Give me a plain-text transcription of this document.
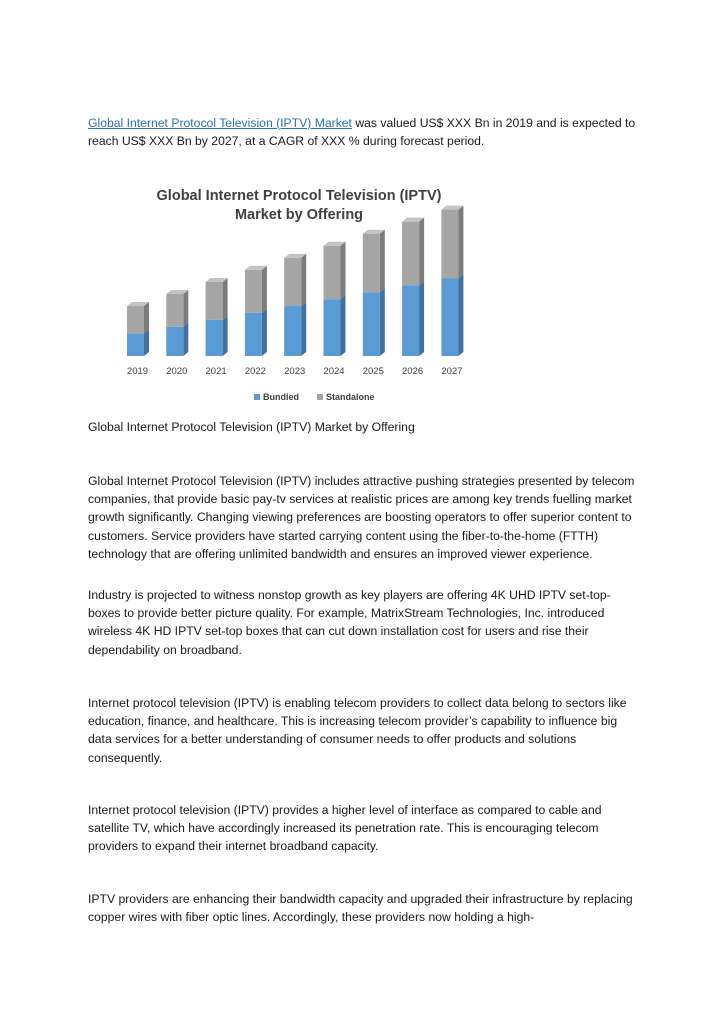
Global Internet Protocol Television (IPTV) Market was valued US$ XXX Bn in 2019 and is expected to reach US$ XXX Bn by 2027, at a CAGR of XXX % during forecast period.

2019 2020 2021 2022 2023 2024 2025 2026 2027
Bundled	Standalone
Global Internet Protocol Television (IPTV)
Market by Offering

Global Internet Protocol Television (IPTV) Market by Offering

Global Internet Protocol Television (IPTV) includes attractive pushing strategies presented by telecom companies, that provide basic pay-tv services at realistic prices are among key trends fuelling market growth significantly. Changing viewing preferences are boosting operators to offer superior content to customers. Service providers have started carrying content using the fiber-to-the-home (FTTH) technology that are offering unlimited bandwidth and ensures an improved viewer experience.

Industry is projected to witness nonstop growth as key players are offering 4K UHD IPTV set-top-boxes to provide better picture quality. For example, MatrixStream Technologies, Inc. introduced wireless 4K HD IPTV set-top boxes that can cut down installation cost for users and rise their dependability on broadband.

Internet protocol television (IPTV) is enabling telecom providers to collect data belong to sectors like education, finance, and healthcare. This is increasing telecom provider’s capability to influence big data services for a better understanding of consumer needs to offer products and solutions consequently.

Internet protocol television (IPTV) provides a higher level of interface as compared to cable and satellite TV, which have accordingly increased its penetration rate. This is encouraging telecom providers to expand their internet broadband capacity.

IPTV providers are enhancing their bandwidth capacity and upgraded their infrastructure by replacing copper wires with fiber optic lines. Accordingly, these providers now holding a high-
